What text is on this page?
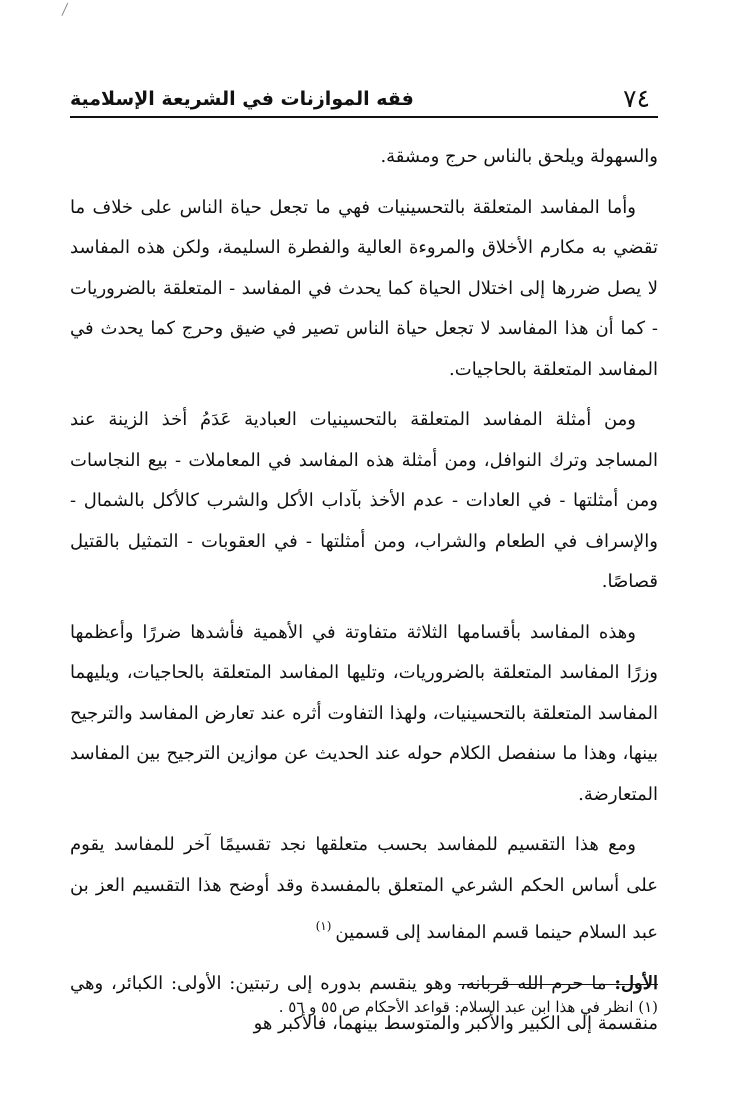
٧٤
فقه الموازنات في الشريعة الإسلامية

والسهولة ويلحق بالناس حرج ومشقة.

وأما المفاسد المتعلقة بالتحسينيات فهي ما تجعل حياة الناس على خلاف ما تقضي به مكارم الأخلاق والمروءة العالية والفطرة السليمة، ولكن هذه المفاسد لا يصل ضررها إلى اختلال الحياة كما يحدث في المفاسد - المتعلقة بالضروريات - كما أن هذا المفاسد لا تجعل حياة الناس تصير في ضيق وحرج كما يحدث في المفاسد المتعلقة بالحاجيات.

ومن أمثلة المفاسد المتعلقة بالتحسينيات العبادية عَدَمُ أخذ الزينة عند المساجد وترك النوافل، ومن أمثلة هذه المفاسد في المعاملات - بيع النجاسات ومن أمثلتها - في العادات - عدم الأخذ بآداب الأكل والشرب كالأكل بالشمال - والإسراف في الطعام والشراب، ومن أمثلتها - في العقوبات - التمثيل بالقتيل قصاصًا.

وهذه المفاسد بأقسامها الثلاثة متفاوتة في الأهمية فأشدها ضررًا وأعظمها وزرًا المفاسد المتعلقة بالضروريات، وتليها المفاسد المتعلقة بالحاجيات، ويليهما المفاسد المتعلقة بالتحسينيات، ولهذا التفاوت أثره عند تعارض المفاسد والترجيح بينها، وهذا ما سنفصل الكلام حوله عند الحديث عن موازين الترجيح بين المفاسد المتعارضة.

ومع هذا التقسيم للمفاسد بحسب متعلقها نجد تقسيمًا آخر للمفاسد يقوم على أساس الحكم الشرعي المتعلق بالمفسدة وقد أوضح هذا التقسيم العز بن عبد السلام حينما قسم المفاسد إلى قسمين$^{(١)}$

الأول: ما حرم الله قربانه، وهو ينقسم بدوره إلى رتبتين: الأولى: الكبائر، وهي منقسمة إلى الكبير والأكبر والمتوسط بينهما، فالأكبر هو

(١) انظر في هذا ابن عبد السلام: قواعد الأحكام ص ٥٥ و ٥٦ .
